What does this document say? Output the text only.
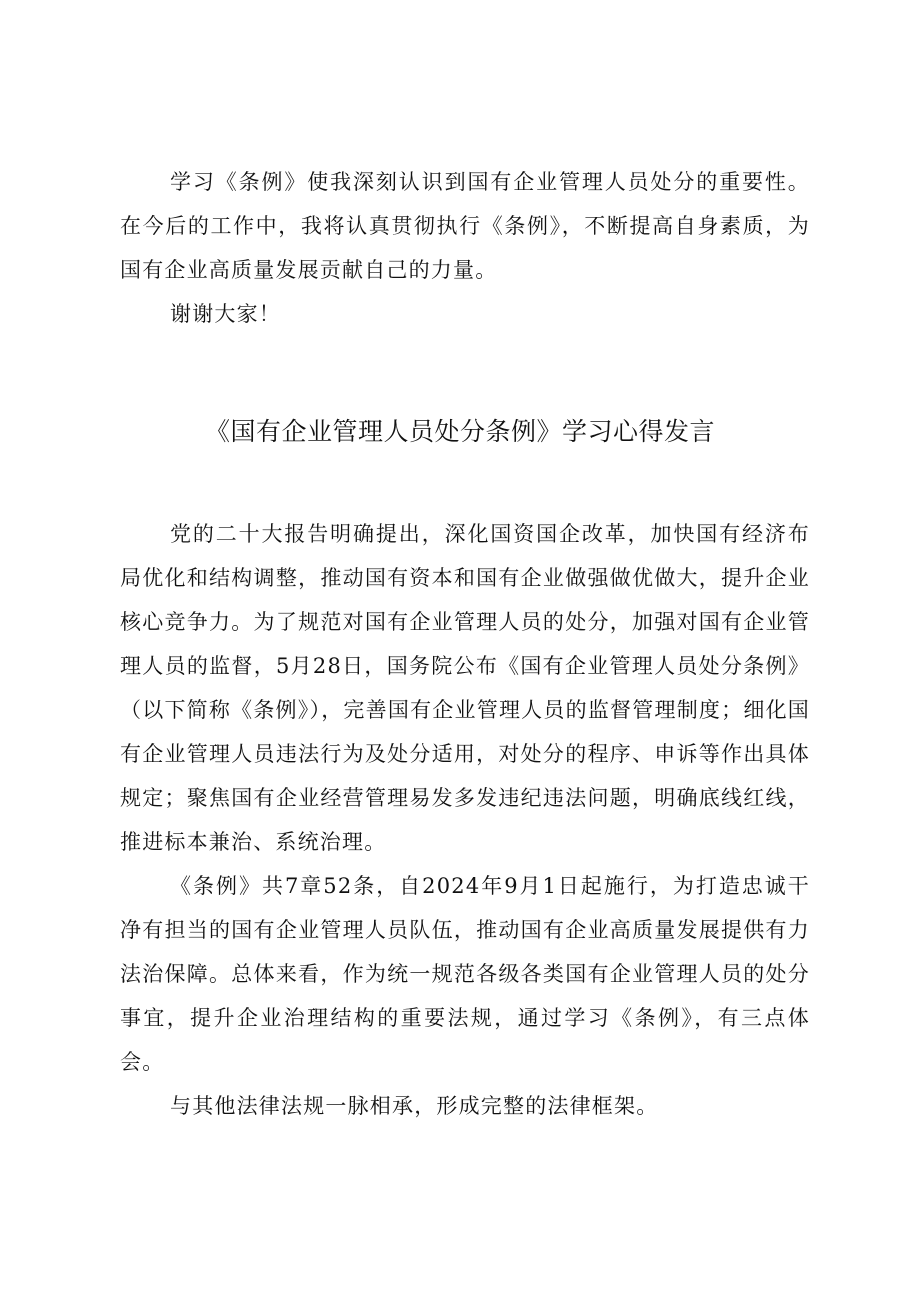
学习《条例》使我深刻认识到国有企业管理人员处分的重要性。在今后的工作中，我将认真贯彻执行《条例》，不断提高自身素质，为国有企业高质量发展贡献自己的力量。

谢谢大家！

《国有企业管理人员处分条例》学习心得发言

党的二十大报告明确提出，深化国资国企改革，加快国有经济布局优化和结构调整，推动国有资本和国有企业做强做优做大，提升企业核心竞争力。为了规范对国有企业管理人员的处分，加强对国有企业管理人员的监督，5月28日，国务院公布《国有企业管理人员处分条例》（以下简称《条例》），完善国有企业管理人员的监督管理制度；细化国有企业管理人员违法行为及处分适用，对处分的程序、申诉等作出具体规定；聚焦国有企业经营管理易发多发违纪违法问题，明确底线红线，推进标本兼治、系统治理。

《条例》共7章52条，自2024年9月1日起施行，为打造忠诚干净有担当的国有企业管理人员队伍，推动国有企业高质量发展提供有力法治保障。总体来看，作为统一规范各级各类国有企业管理人员的处分事宜，提升企业治理结构的重要法规，通过学习《条例》，有三点体会。

与其他法律法规一脉相承，形成完整的法律框架。
